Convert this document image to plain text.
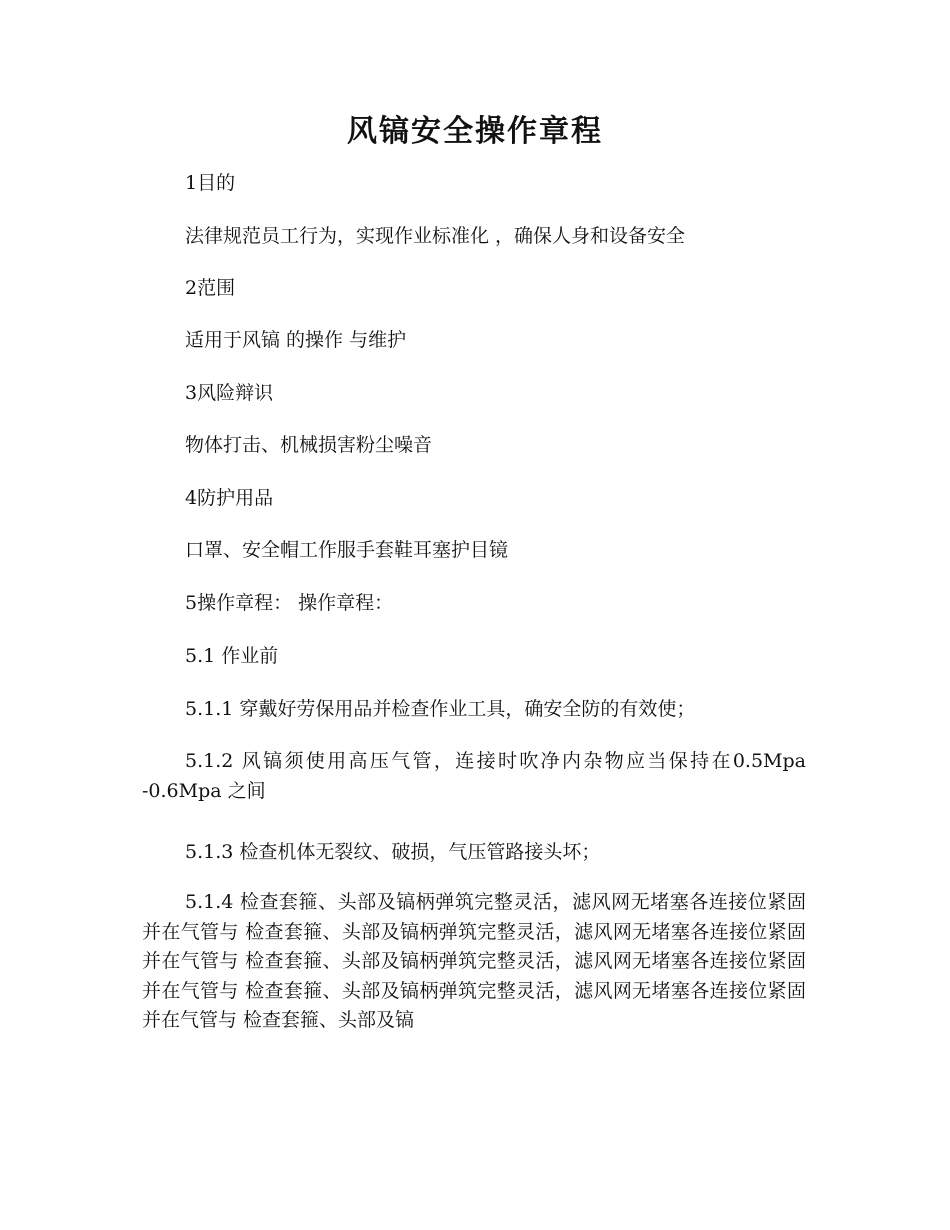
风镐安全操作章程
1目的
法律规范员工行为，实现作业标准化 ，确保人身和设备安全
2范围
适用于风镐 的操作 与维护
3风险辩识
物体打击、机械损害粉尘噪音
4防护用品
口罩、安全帽工作服手套鞋耳塞护目镜
5操作章程： 操作章程：
5.1 作业前
5.1.1 穿戴好劳保用品并检查作业工具，确安全防的有效使；

5.1.2 风镐须使用高压气管，连接时吹净内杂物应当保持在0.5Mpa -0.6Mpa 之间

5.1.3 检查机体无裂纹、破损，气压管路接头坏；

5.1.4 检查套箍、头部及镐柄弹筑完整灵活，滤风网无堵塞各连接位紧固并在气管与 检查套箍、头部及镐柄弹筑完整灵活，滤风网无堵塞各连接位紧固并在气管与 检查套箍、头部及镐柄弹筑完整灵活，滤风网无堵塞各连接位紧固并在气管与 检查套箍、头部及镐柄弹筑完整灵活，滤风网无堵塞各连接位紧固并在气管与 检查套箍、头部及镐
